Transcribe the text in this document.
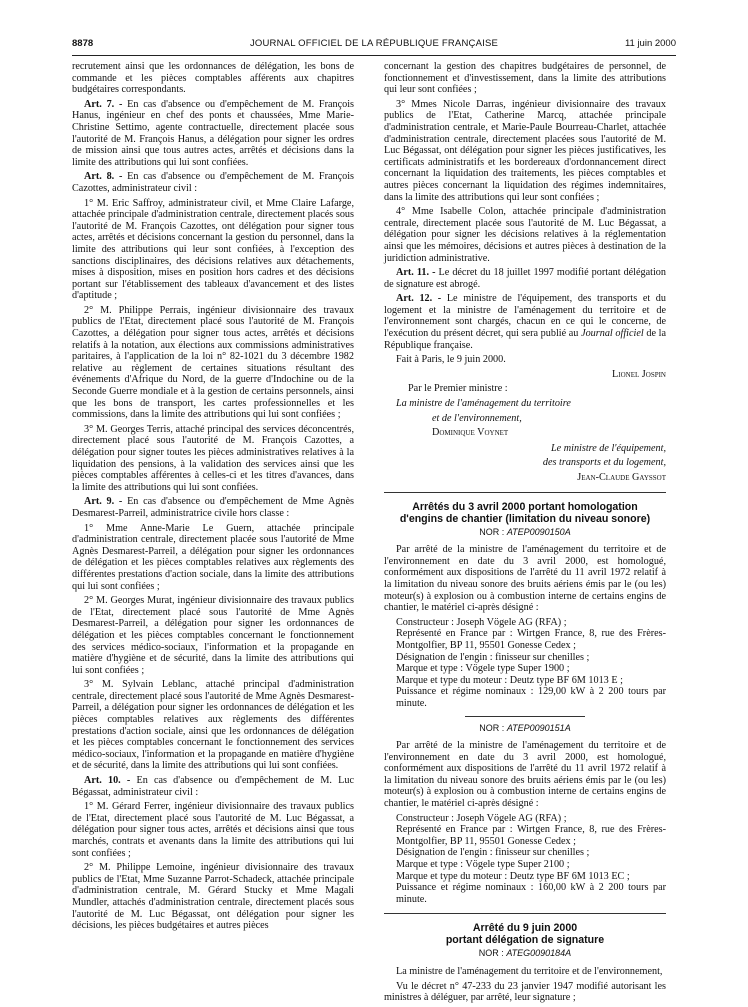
8878	JOURNAL OFFICIEL DE LA RÉPUBLIQUE FRANÇAISE	11 juin 2000

recrutement ainsi que les ordonnances de délégation, les bons de commande et les pièces comptables afférents aux chapitres budgétaires correspondants.

Art. 7. - En cas d'absence ou d'empêchement de M. François Hanus, ingénieur en chef des ponts et chaussées, Mme Marie-Christine Settimo, agente contractuelle, directement placée sous l'autorité de M. François Hanus, a délégation pour signer les ordres de mission ainsi que tous autres actes, arrêtés et décisions dans la limite des attributions qui lui sont confiées.

Art. 8. - En cas d'absence ou d'empêchement de M. François Cazottes, administrateur civil :

1° M. Eric Saffroy, administrateur civil, et Mme Claire Lafarge, attachée principale d'administration centrale, directement placés sous l'autorité de M. François Cazottes, ont délégation pour signer tous actes, arrêtés et décisions concernant la gestion du personnel, dans la limite des attributions qui leur sont confiées, à l'exception des sanctions disciplinaires, des décisions relatives aux détachements, mises à disposition, mises en position hors cadres et des décisions portant sur l'établissement des tableaux d'avancement et des listes d'aptitude ;

2° M. Philippe Perrais, ingénieur divisionnaire des travaux publics de l'Etat, directement placé sous l'autorité de M. François Cazottes, a délégation pour signer tous actes, arrêtés et décisions relatifs à la notation, aux élections aux commissions administratives paritaires, à l'application de la loi n° 82-1021 du 3 décembre 1982 relative au règlement de certaines situations résultant des événements d'Afrique du Nord, de la guerre d'Indochine ou de la Seconde Guerre mondiale et à la gestion de certains personnels, ainsi que les bons de transport, les cartes professionnelles et les commissions, dans la limite des attributions qui lui sont confiées ;

3° M. Georges Terris, attaché principal des services déconcentrés, directement placé sous l'autorité de M. François Cazottes, a délégation pour signer toutes les pièces administratives relatives à la liquidation des pensions, à la validation des services ainsi que les pièces comptables afférentes à celles-ci et les titres d'avances, dans la limite des attributions qui lui sont confiées.

Art. 9. - En cas d'absence ou d'empêchement de Mme Agnès Desmarest-Parreil, administratrice civile hors classe :

1° Mme Anne-Marie Le Guern, attachée principale d'administration centrale, directement placée sous l'autorité de Mme Agnès Desmarest-Parreil, a délégation pour signer les ordonnances de délégation et les pièces comptables relatives aux règlements des différentes prestations d'action sociale, dans la limite des attributions qui lui sont confiées ;

2° M. Georges Murat, ingénieur divisionnaire des travaux publics de l'Etat, directement placé sous l'autorité de Mme Agnès Desmarest-Parreil, a délégation pour signer les ordonnances de délégation et les pièces comptables concernant le fonctionnement des services médico-sociaux, l'information et la propagande en matière d'hygiène et de sécurité, dans la limite des attributions qui lui sont confiées ;

3° M. Sylvain Leblanc, attaché principal d'administration centrale, directement placé sous l'autorité de Mme Agnès Desmarest-Parreil, a délégation pour signer les ordonnances de délégation et les pièces comptables relatives aux règlements des différentes prestations d'action sociale, ainsi que les ordonnances de délégation et les pièces comptables concernant le fonctionnement des services médico-sociaux, l'information et la propagande en matière d'hygiène et de sécurité, dans la limite des attributions qui lui sont confiées.

Art. 10. - En cas d'absence ou d'empêchement de M. Luc Bégassat, administrateur civil :

1° M. Gérard Ferrer, ingénieur divisionnaire des travaux publics de l'Etat, directement placé sous l'autorité de M. Luc Bégassat, a délégation pour signer tous actes, arrêtés et décisions ainsi que tous marchés, contrats et avenants dans la limite des attributions qui lui sont confiées ;

2° M. Philippe Lemoine, ingénieur divisionnaire des travaux publics de l'Etat, Mme Suzanne Parrot-Schadeck, attachée principale d'administration centrale, M. Gérard Stucky et Mme Magali Mundler, attachés d'administration centrale, directement placés sous l'autorité de M. Luc Bégassat, ont délégation pour signer les décisions, les pièces budgétaires et autres pièces

concernant la gestion des chapitres budgétaires de personnel, de fonctionnement et d'investissement, dans la limite des attributions qui leur sont confiées ;

3° Mmes Nicole Darras, ingénieur divisionnaire des travaux publics de l'Etat, Catherine Marcq, attachée principale d'administration centrale, et Marie-Paule Bourreau-Charlet, attachée d'administration centrale, directement placées sous l'autorité de M. Luc Bégassat, ont délégation pour signer les pièces justificatives, les certificats administratifs et les bordereaux d'ordonnancement direct concernant la liquidation des traitements, les pièces comptables et autres pièces concernant la liquidation des régimes indemnitaires, dans la limite des attributions qui leur sont confiées ;

4° Mme Isabelle Colon, attachée principale d'administration centrale, directement placée sous l'autorité de M. Luc Bégassat, a délégation pour signer les décisions relatives à la réglementation ainsi que les mémoires, décisions et autres pièces à destination de la juridiction administrative.

Art. 11. - Le décret du 18 juillet 1997 modifié portant délégation de signature est abrogé.

Art. 12. - Le ministre de l'équipement, des transports et du logement et la ministre de l'aménagement du territoire et de l'environnement sont chargés, chacun en ce qui le concerne, de l'exécution du présent décret, qui sera publié au Journal officiel de la République française.

Fait à Paris, le 9 juin 2000.

Lionel Jospin

Par le Premier ministre :

La ministre de l'aménagement du territoire

et de l'environnement,

Dominique Voynet

Le ministre de l'équipement,

des transports et du logement,

Jean-Claude Gayssot

Arrêtés du 3 avril 2000 portant homologation
d'engins de chantier (limitation du niveau sonore)
NOR : ATEP0090150A

Par arrêté de la ministre de l'aménagement du territoire et de l'environnement en date du 3 avril 2000, est homologué, conformément aux dispositions de l'arrêté du 11 avril 1972 relatif à la limitation du niveau sonore des bruits aériens émis par le (ou les) moteur(s) à explosion ou à combustion interne de certains engins de chantier, le matériel ci-après désigné :

Constructeur : Joseph Vögele AG (RFA) ;

Représenté en France par : Wirtgen France, 8, rue des Frères-Montgolfier, BP 11, 95501 Gonesse Cedex ;

Désignation de l'engin : finisseur sur chenilles ;

Marque et type : Vögele type Super 1900 ;

Marque et type du moteur : Deutz type BF 6M 1013 E ;

Puissance et régime nominaux : 129,00 kW à 2 200 tours par minute.

NOR : ATEP0090151A

Par arrêté de la ministre de l'aménagement du territoire et de l'environnement en date du 3 avril 2000, est homologué, conformément aux dispositions de l'arrêté du 11 avril 1972 relatif à la limitation du niveau sonore des bruits aériens émis par le (ou les) moteur(s) à explosion ou à combustion interne de certains engins de chantier, le matériel ci-après désigné :

Constructeur : Joseph Vögele AG (RFA) ;

Représenté en France par : Wirtgen France, 8, rue des Frères-Montgolfier, BP 11, 95501 Gonesse Cedex ;

Désignation de l'engin : finisseur sur chenilles ;

Marque et type : Vögele type Super 2100 ;

Marque et type du moteur : Deutz type BF 6M 1013 EC ;

Puissance et régime nominaux : 160,00 kW à 2 200 tours par minute.

Arrêté du 9 juin 2000
portant délégation de signature
NOR : ATEG0090184A

La ministre de l'aménagement du territoire et de l'environnement,

Vu le décret n° 47-233 du 23 janvier 1947 modifié autorisant les ministres à déléguer, par arrêté, leur signature ;
